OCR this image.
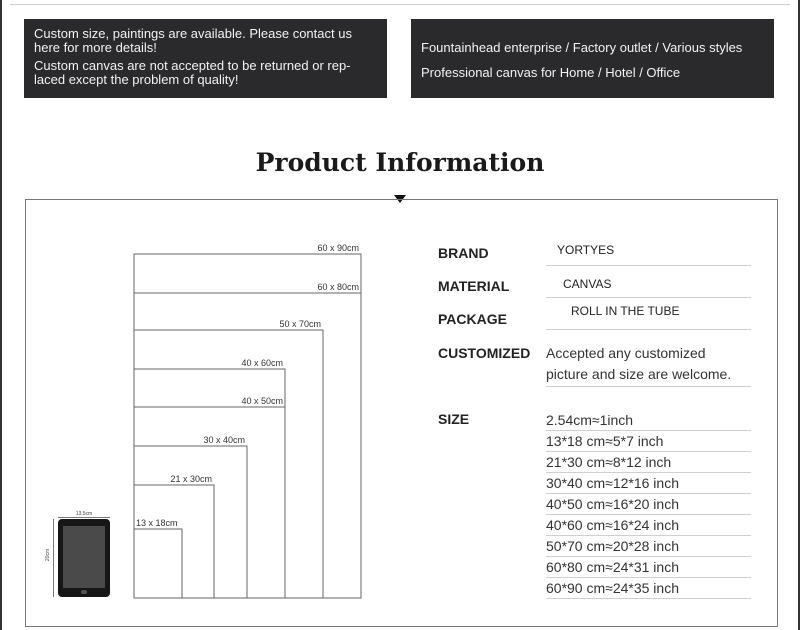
Custom size, paintings are available. Please contact us here for more details!

Custom canvas are not accepted to be returned or rep-laced except the problem of quality!

Fountainhead enterprise / Factory outlet / Various styles

Professional canvas for Home / Hotel / Office

Product Information
60 x 90cm
60 x 80cm
50 x 70cm
40 x 60cm
40 x 50cm
30 x 40cm
21 x 30cm
13 x 18cm
13.5cm
20cm
BRAND	YORTYES
MATERIAL	CANVAS
PACKAGE	ROLL IN THE TUBE
CUSTOMIZED Accepted any customized

picture and size are welcome.

SIZE	2.54cm≈1inch
13*18 cm≈5*7 inch
21*30 cm≈8*12 inch
30*40 cm≈12*16 inch
40*50 cm≈16*20 inch
40*60 cm≈16*24 inch
50*70 cm≈20*28 inch
60*80 cm≈24*31 inch
60*90 cm≈24*35 inch
